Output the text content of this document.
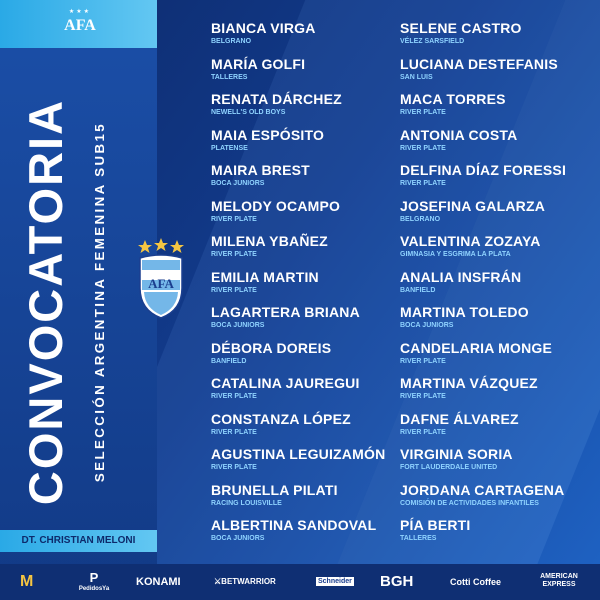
★★★
AFA
CONVOCATORIA SELECCIÓN ARGENTINA FEMENINA SUB15
DT. CHRISTIAN MELONI
AFA
BIANCA VIRGA
BELGRANO
MARÍA GOLFI
TALLERES
RENATA DÁRCHEZ
NEWELL'S OLD BOYS
MAIA ESPÓSITO
PLATENSE
MAIRA BREST
BOCA JUNIORS
MELODY OCAMPO
RIVER PLATE
MILENA YBAÑEZ
RIVER PLATE
EMILIA MARTIN
RIVER PLATE
LAGARTERA BRIANA
BOCA JUNIORS
DÉBORA DOREIS
BANFIELD
CATALINA JAUREGUI
RIVER PLATE
CONSTANZA LÓPEZ
RIVER PLATE
AGUSTINA LEGUIZAMÓN
RIVER PLATE
BRUNELLA PILATI
RACING LOUISVILLE
ALBERTINA SANDOVAL
BOCA JUNIORS
SELENE CASTRO
VÉLEZ SARSFIELD
LUCIANA DESTEFANIS
SAN LUIS
MACA TORRES
RIVER PLATE
ANTONIA COSTA
RIVER PLATE
DELFINA DÍAZ FORESSI
RIVER PLATE
JOSEFINA GALARZA
BELGRANO
VALENTINA ZOZAYA
GIMNASIA Y ESGRIMA LA PLATA
ANALIA INSFRÁN
BANFIELD
MARTINA TOLEDO
BOCA JUNIORS
CANDELARIA MONGE
RIVER PLATE
MARTINA VÁZQUEZ
RIVER PLATE
DAFNE ÁLVAREZ
RIVER PLATE
VIRGINIA SORIA
FORT LAUDERDALE UNITED
JORDANA CARTAGENA
COMISIÓN DE ACTIVIDADES INFANTILES
PÍA BERTI
TALLERES
M	P
PedidosYa
KONAMI	⚔BETWARRIOR	Schneider BGH	Cotti Coffee
AMERICAN EXPRESS
